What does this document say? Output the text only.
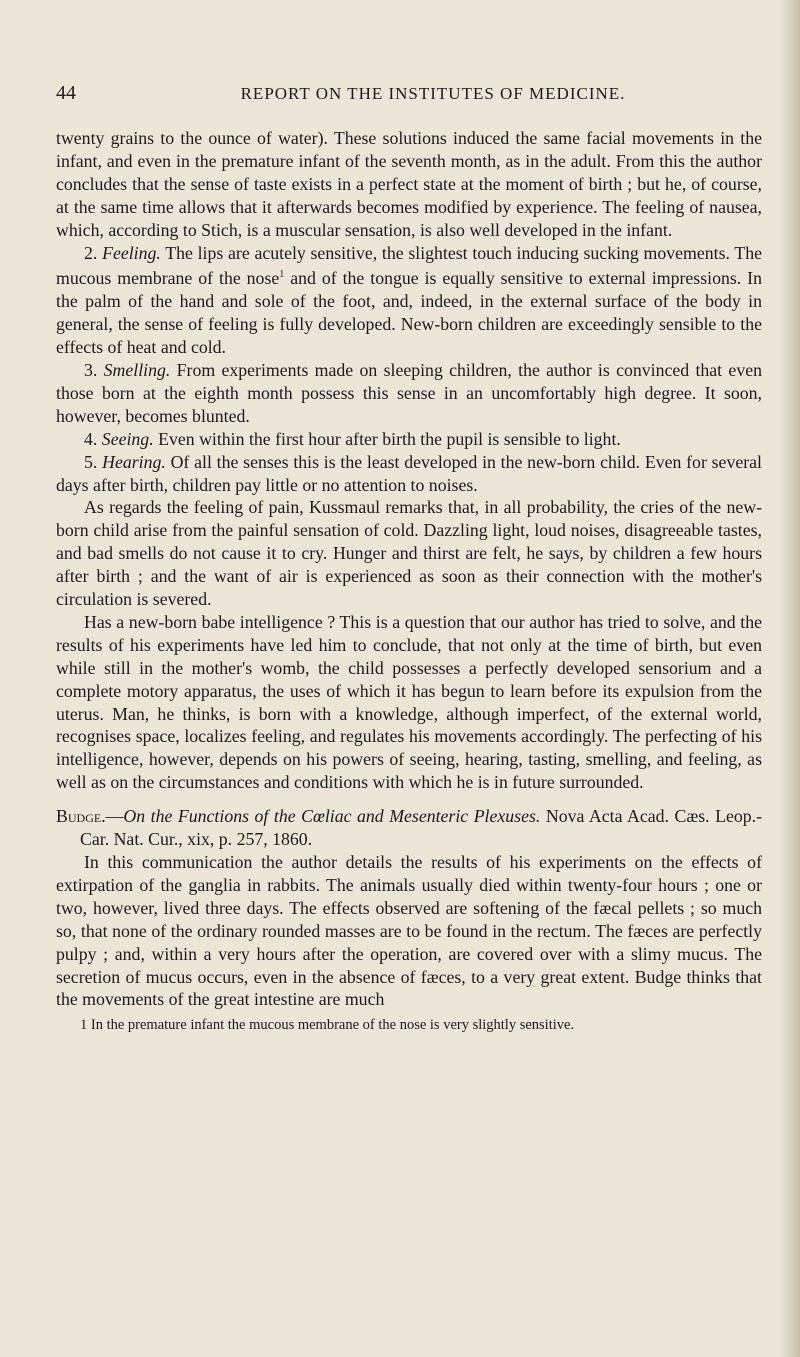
44	REPORT ON THE INSTITUTES OF MEDICINE.

twenty grains to the ounce of water). These solutions induced the same facial movements in the infant, and even in the premature infant of the seventh month, as in the adult. From this the author concludes that the sense of taste exists in a perfect state at the moment of birth ; but he, of course, at the same time allows that it afterwards becomes modified by experience. The feeling of nausea, which, according to Stich, is a muscular sensation, is also well developed in the infant.

2. Feeling. The lips are acutely sensitive, the slightest touch inducing sucking movements. The mucous membrane of the nose$^1$ and of the tongue is equally sensitive to external impressions. In the palm of the hand and sole of the foot, and, indeed, in the external surface of the body in general, the sense of feeling is fully developed. New-born children are exceedingly sensible to the effects of heat and cold.

3. Smelling. From experiments made on sleeping children, the author is convinced that even those born at the eighth month possess this sense in an uncomfortably high degree. It soon, however, becomes blunted.

4. Seeing. Even within the first hour after birth the pupil is sensible to light.

5. Hearing. Of all the senses this is the least developed in the new-born child. Even for several days after birth, children pay little or no attention to noises.

As regards the feeling of pain, Kussmaul remarks that, in all probability, the cries of the new-born child arise from the painful sensation of cold. Dazzling light, loud noises, disagreeable tastes, and bad smells do not cause it to cry. Hunger and thirst are felt, he says, by children a few hours after birth ; and the want of air is experienced as soon as their connection with the mother's circulation is severed.

Has a new-born babe intelligence ? This is a question that our author has tried to solve, and the results of his experiments have led him to conclude, that not only at the time of birth, but even while still in the mother's womb, the child possesses a perfectly developed sensorium and a complete motory apparatus, the uses of which it has begun to learn before its expulsion from the uterus. Man, he thinks, is born with a knowledge, although imperfect, of the external world, recognises space, localizes feeling, and regulates his movements accordingly. The perfecting of his intelligence, however, depends on his powers of seeing, hearing, tasting, smelling, and feeling, as well as on the circumstances and conditions with which he is in future surrounded.

Budge.—On the Functions of the Cœliac and Mesenteric Plexuses. Nova Acta Acad. Cæs. Leop.-Car. Nat. Cur., xix, p. 257, 1860.

In this communication the author details the results of his experiments on the effects of extirpation of the ganglia in rabbits. The animals usually died within twenty-four hours ; one or two, however, lived three days. The effects observed are softening of the fæcal pellets ; so much so, that none of the ordinary rounded masses are to be found in the rectum. The fæces are perfectly pulpy ; and, within a very hours after the operation, are covered over with a slimy mucus. The secretion of mucus occurs, even in the absence of fæces, to a very great extent. Budge thinks that the movements of the great intestine are much

1 In the premature infant the mucous membrane of the nose is very slightly sensitive.
